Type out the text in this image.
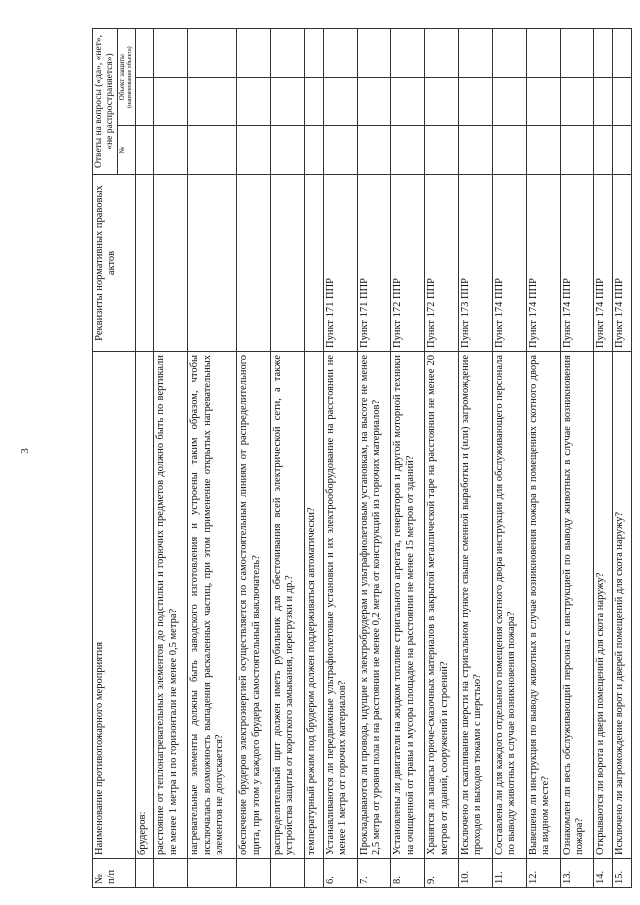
3
№
п/п	Наименование противопожарного мероприятия	Реквизиты нормативных правовых актов	Ответы на вопросы («да», «нет», «не распространяется»)		
			№	Объект защиты (наименование объекта)	

	брудеров:				
	расстояние от теплонагревательных элементов до подстилки и горючих предметов должно быть по вертикали не менее 1 метра и по горизонтали не менее 0,5 метра?				
	нагревательные элементы должны быть заводского изготовления и устроены таким образом, чтобы исключалась возможность выпадения раскаленных частиц, при этом применение открытых нагревательных элементов не допускается?				
	обеспечение брудеров электроэнергией осуществляется по самостоятельным линиям от распределительного щита, при этом у каждого брудера самостоятельный выключатель?				
	распределительный щит должен иметь рубильник для обесточивания всей электрической сети, а также устройства защиты от короткого замыкания, перегрузки и др.?				
	температурный режим под брудером должен поддерживаться автоматически?				
6.	Устанавливаются ли передвижные ультрафиолетовые установки и их электрооборудование на расстоянии не менее 1 метра от горючих материалов?	Пункт 171 ППР			
7.	Прокладываются ли провода, идущие к электробрудерам и ультрафиолетовым установкам, на высоте не менее 2,5 метра от уровня пола и на расстоянии не менее 0,2 метра от конструкций из горючих материалов?	Пункт 171 ППР			
8.	Установлены ли двигатели на жидком топливе стригального агрегата, генераторов и другой моторной техники на очищенной от травы и мусора площадке на расстоянии не менее 15 метров от зданий?	Пункт 172 ППР			
9.	Хранятся ли запасы горюче-смазочных материалов в закрытой металлической таре на расстоянии не менее 20 метров от зданий, сооружений и строений?	Пункт 172 ППР			
10.	Исключено ли скапливание шерсти на стригальном пункте свыше сменной выработки и (или) загромождение проходов и выходов тюками с шерстью?	Пункт 173 ППР			
11.	Составлена ли для каждого отдельного помещения скотного двора инструкция для обслуживающего персонала по выводу животных в случае возникновения пожара?	Пункт 174 ППР			
12.	Вывешена ли инструкция по выводу животных в случае возникновения пожара в помещениях скотного двора на видном месте?	Пункт 174 ППР			
13.	Ознакомлен ли весь обслуживающий персонал с инструкцией по выводу животных в случае возникновения пожара?	Пункт 174 ППР			
14.	Открываются ли ворота и двери помещений для скота наружу?	Пункт 174 ППР			
15.	Исключено ли загромождение ворот и дверей помещений для скота наружу?	Пункт 174 ППР			
